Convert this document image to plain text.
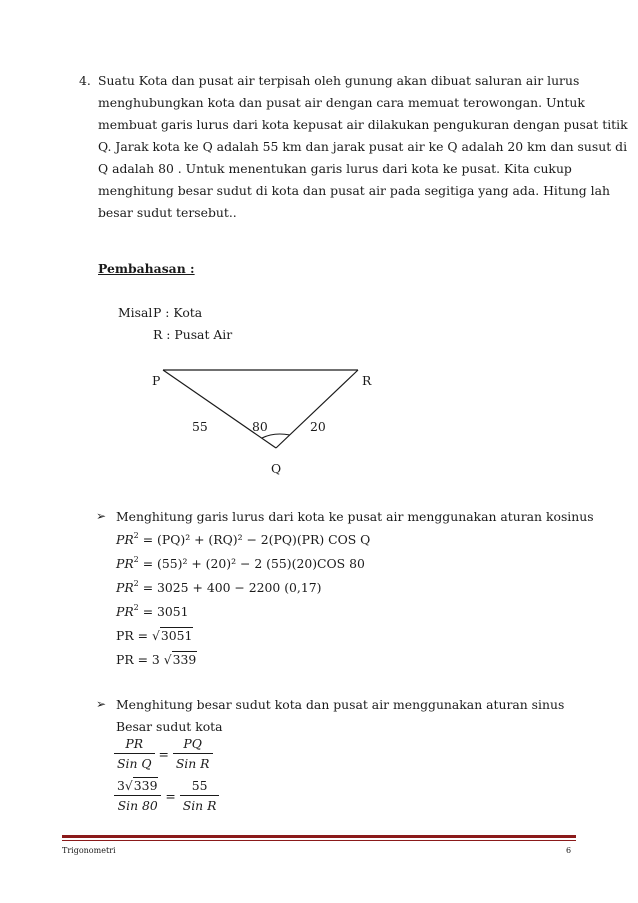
4. Suatu Kota dan pusat air terpisah oleh gunung akan dibuat saluran air lurus
menghubungkan kota dan pusat air dengan cara memuat terowongan. Untuk
membuat garis lurus dari kota kepusat air dilakukan pengukuran dengan pusat titik
Q. Jarak kota ke Q adalah 55 km dan jarak pusat air ke Q adalah 20 km dan susut di
Q adalah 80 . Untuk menentukan garis lurus dari kota ke pusat. Kita cukup
menghitung besar sudut di kota dan pusat air pada segitiga yang ada. Hitung lah
besar sudut tersebut..
Pembahasan :
Misal P : Kota
R : Pusat Air
P	R
Q
55	80	20
➢ Menghitung garis lurus dari kota ke pusat air menggunakan aturan kosinus
$PR^2 = (PQ)^2 + (RQ)^2 - 2(PQ)(PR)$ COS Q
$PR^2 = (55)^2 + (20)^2 - 2$ (55)(20)COS 80
$PR^2 = 3025 + 400 - 2200$ (0,17)
$PR^2 = 3051$
PR = √3051
PR = 3 √339
➢ Menghitung besar sudut kota dan pusat air menggunakan aturan sinus
Besar sudut kota
$\frac{PR}{\text{Sin Q}} = \frac{PQ}{\text{Sin R}}$
$\frac{3√339}{\text{Sin 80}} = \frac{55}{\text{Sin R}}$
Trigonometri	6
